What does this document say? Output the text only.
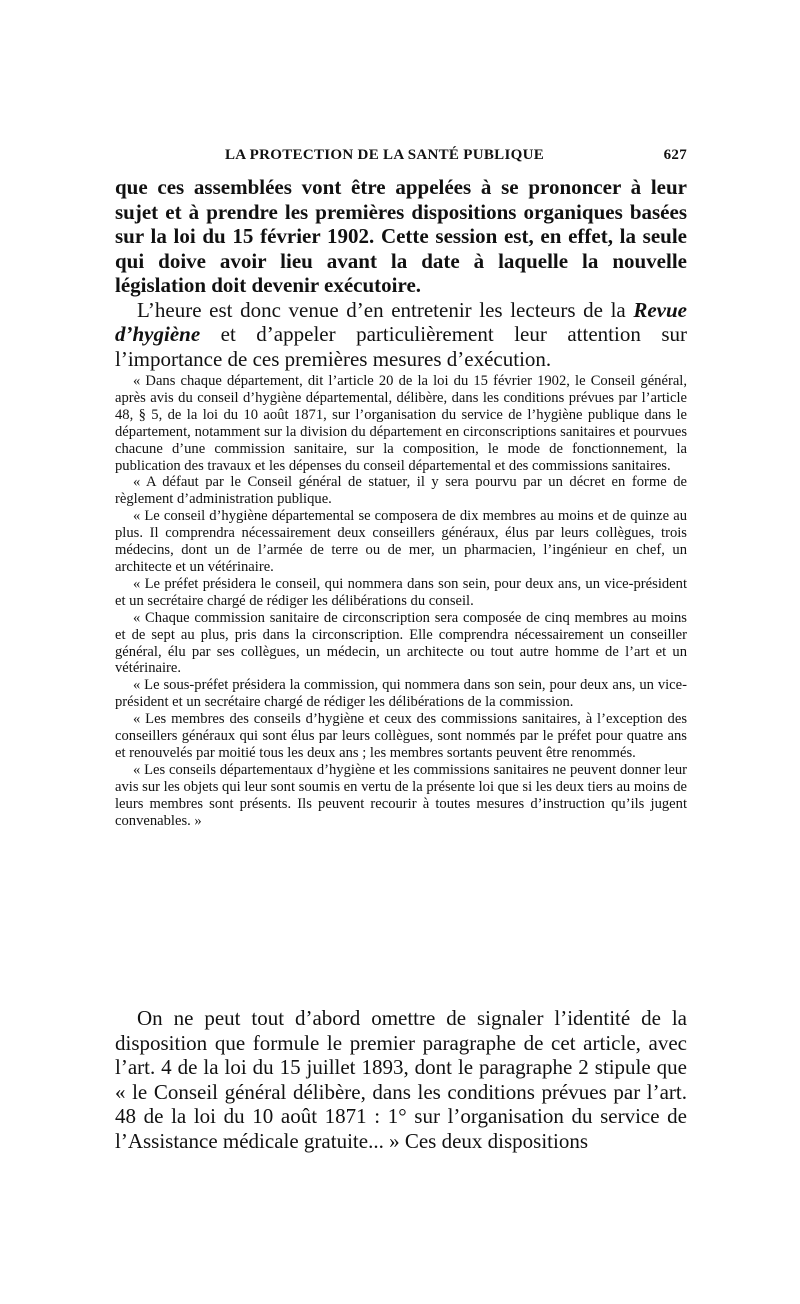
LA PROTECTION DE LA SANTÉ PUBLIQUE	627

que ces assemblées vont être appelées à se prononcer à leur sujet et à prendre les premières dispositions organiques basées sur la loi du 15 février 1902. Cette session est, en effet, la seule qui doive avoir lieu avant la date à laquelle la nouvelle législation doit devenir exécutoire.

L’heure est donc venue d’en entretenir les lecteurs de la Revue d’hygiène et d’appeler particulièrement leur attention sur l’importance de ces premières mesures d’exécution.

« Dans chaque département, dit l’article 20 de la loi du 15 février 1902, le Conseil général, après avis du conseil d’hygiène départemental, délibère, dans les conditions prévues par l’article 48, § 5, de la loi du 10 août 1871, sur l’organisation du service de l’hygiène publique dans le département, notamment sur la division du département en circonscriptions sanitaires et pourvues chacune d’une commission sanitaire, sur la composition, le mode de fonctionnement, la publication des travaux et les dépenses du conseil départemental et des commissions sanitaires.

« A défaut par le Conseil général de statuer, il y sera pourvu par un décret en forme de règlement d’administration publique.

« Le conseil d’hygiène départemental se composera de dix membres au moins et de quinze au plus. Il comprendra nécessairement deux conseillers généraux, élus par leurs collègues, trois médecins, dont un de l’armée de terre ou de mer, un pharmacien, l’ingénieur en chef, un architecte et un vétérinaire.

« Le préfet présidera le conseil, qui nommera dans son sein, pour deux ans, un vice-président et un secrétaire chargé de rédiger les délibérations du conseil.

« Chaque commission sanitaire de circonscription sera composée de cinq membres au moins et de sept au plus, pris dans la circonscription. Elle comprendra nécessairement un conseiller général, élu par ses collègues, un médecin, un architecte ou tout autre homme de l’art et un vétérinaire.

« Le sous-préfet présidera la commission, qui nommera dans son sein, pour deux ans, un vice-président et un secrétaire chargé de rédiger les délibérations de la commission.

« Les membres des conseils d’hygiène et ceux des commissions sanitaires, à l’exception des conseillers généraux qui sont élus par leurs collègues, sont nommés par le préfet pour quatre ans et renouvelés par moitié tous les deux ans ; les membres sortants peuvent être renommés.

« Les conseils départementaux d’hygiène et les commissions sanitaires ne peuvent donner leur avis sur les objets qui leur sont soumis en vertu de la présente loi que si les deux tiers au moins de leurs membres sont présents. Ils peuvent recourir à toutes mesures d’instruction qu’ils jugent convenables. »

On ne peut tout d’abord omettre de signaler l’identité de la disposition que formule le premier paragraphe de cet article, avec l’art. 4 de la loi du 15 juillet 1893, dont le paragraphe 2 stipule que « le Conseil général délibère, dans les conditions prévues par l’art. 48 de la loi du 10 août 1871 : 1° sur l’organisation du service de l’Assistance médicale gratuite... » Ces deux dispositions
